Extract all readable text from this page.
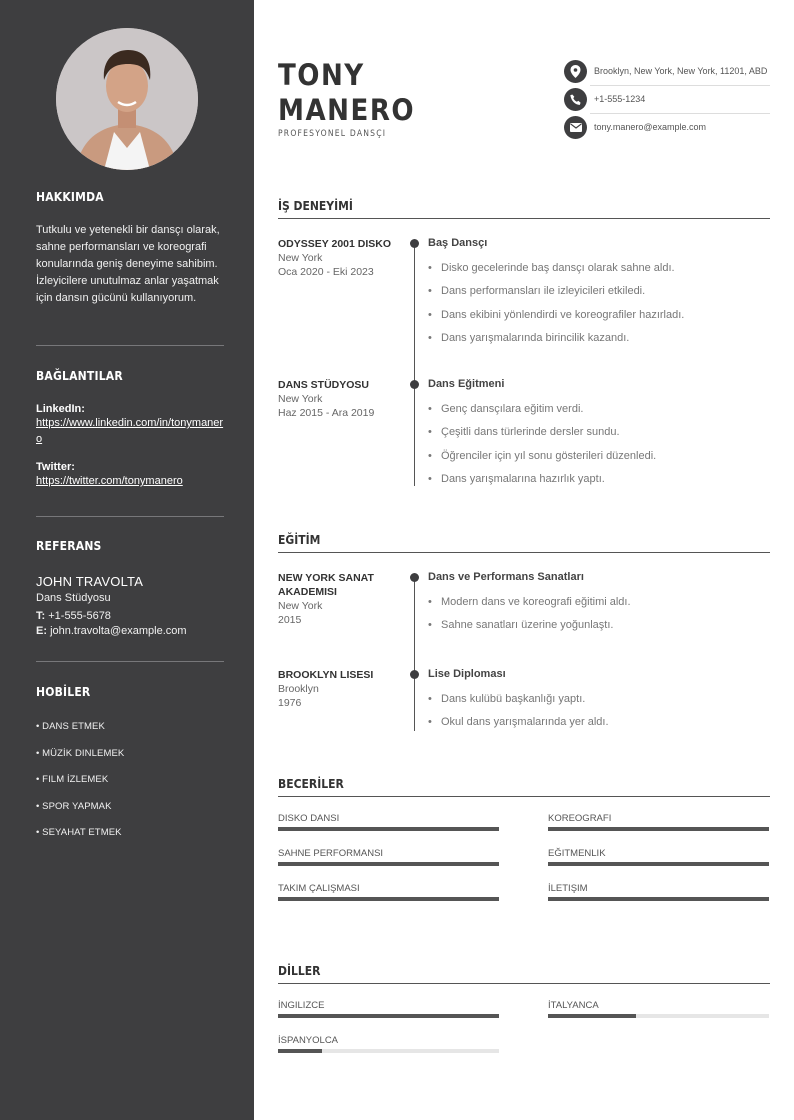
HAKKIMDA
Tutkulu ve yetenekli bir dansçı olarak, sahne performansları ve koreografi konularında geniş deneyime sahibim. İzleyicilere unutulmaz anlar yaşatmak için dansın gücünü kullanıyorum.
BAĞLANTILAR
LinkedIn:
https://www.linkedin.com/in/tonymanero
Twitter:
https://twitter.com/tonymanero
REFERANS
JOHN TRAVOLTA
Dans Stüdyosu
T: +1-555-5678
E: john.travolta@example.com
HOBİLER
• DANS ETMEK
• MÜZİK DINLEMEK
• FILM İZLEMEK
• SPOR YAPMAK
• SEYAHAT ETMEK
TONY
MANERO
PROFESYONEL DANSÇI
Brooklyn, New York, New York, 11201, ABD
+1-555-1234
tony.manero@example.com
İŞ DENEYİMİ
ODYSSEY 2001 DISKO
New York
Oca 2020 - Eki 2023
Baş Dansçı
• Disko gecelerinde baş dansçı olarak sahne aldı.
• Dans performansları ile izleyicileri etkiledi.
• Dans ekibini yönlendirdi ve koreografiler hazırladı.
• Dans yarışmalarında birincilik kazandı.
DANS STÜDYOSU
New York
Haz 2015 - Ara 2019
Dans Eğitmeni
• Genç dansçılara eğitim verdi.
• Çeşitli dans türlerinde dersler sundu.
• Öğrenciler için yıl sonu gösterileri düzenledi.
• Dans yarışmalarına hazırlık yaptı.
EĞİTİM
NEW YORK SANAT AKADEMISI
New York
2015
Dans ve Performans Sanatları
• Modern dans ve koreografi eğitimi aldı.
• Sahne sanatları üzerine yoğunlaştı.
BROOKLYN LISESI
Brooklyn
1976
Lise Diploması
• Dans kulübü başkanlığı yaptı.
• Okul dans yarışmalarında yer aldı.
BECERİLER
DISKO DANSI	KOREOGRAFI
SAHNE PERFORMANSI	EĞITMENLIK
TAKIM ÇALIŞMASI	İLETIŞIM
DİLLER
İNGILIZCE	İTALYANCA
İSPANYOLCA
